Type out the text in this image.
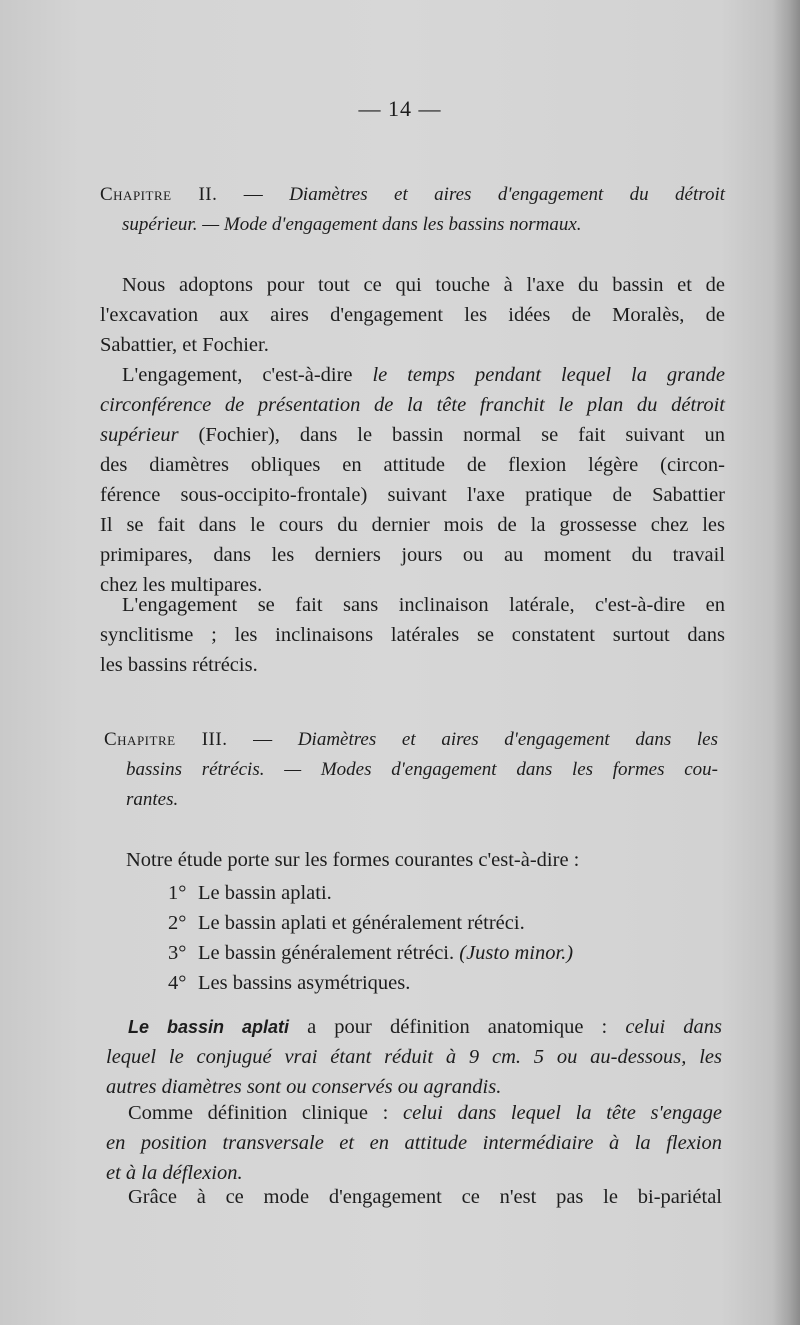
— 14 —

Chapitre II. — Diamètres et aires d'engagement du détroit

supérieur. — Mode d'engagement dans les bassins normaux.

Nous adoptons pour tout ce qui touche à l'axe du bassin et de

l'excavation aux aires d'engagement les idées de Moralès, de

Sabattier, et Fochier.

L'engagement, c'est-à-dire le temps pendant lequel la grande

circonférence de présentation de la tête franchit le plan du détroit

supérieur (Fochier), dans le bassin normal se fait suivant un

des diamètres obliques en attitude de flexion légère (circon-

férence sous-occipito-frontale) suivant l'axe pratique de Sabattier

Il se fait dans le cours du dernier mois de la grossesse chez les

primipares, dans les derniers jours ou au moment du travail

chez les multipares.

L'engagement se fait sans inclinaison latérale, c'est-à-dire en

synclitisme ; les inclinaisons latérales se constatent surtout dans

les bassins rétrécis.

Chapitre III. — Diamètres et aires d'engagement dans les

bassins rétrécis. — Modes d'engagement dans les formes cou-

rantes.

Notre étude porte sur les formes courantes c'est-à-dire :

1° Le bassin aplati.

2° Le bassin aplati et généralement rétréci.

3° Le bassin généralement rétréci. (Justo minor.)

4° Les bassins asymétriques.

Le bassin aplati a pour définition anatomique : celui dans

lequel le conjugué vrai étant réduit à 9 cm. 5 ou au-dessous, les

autres diamètres sont ou conservés ou agrandis.

Comme définition clinique : celui dans lequel la tête s'engage

en position transversale et en attitude intermédiaire à la flexion

et à la déflexion.

Grâce à ce mode d'engagement ce n'est pas le bi-pariétal
